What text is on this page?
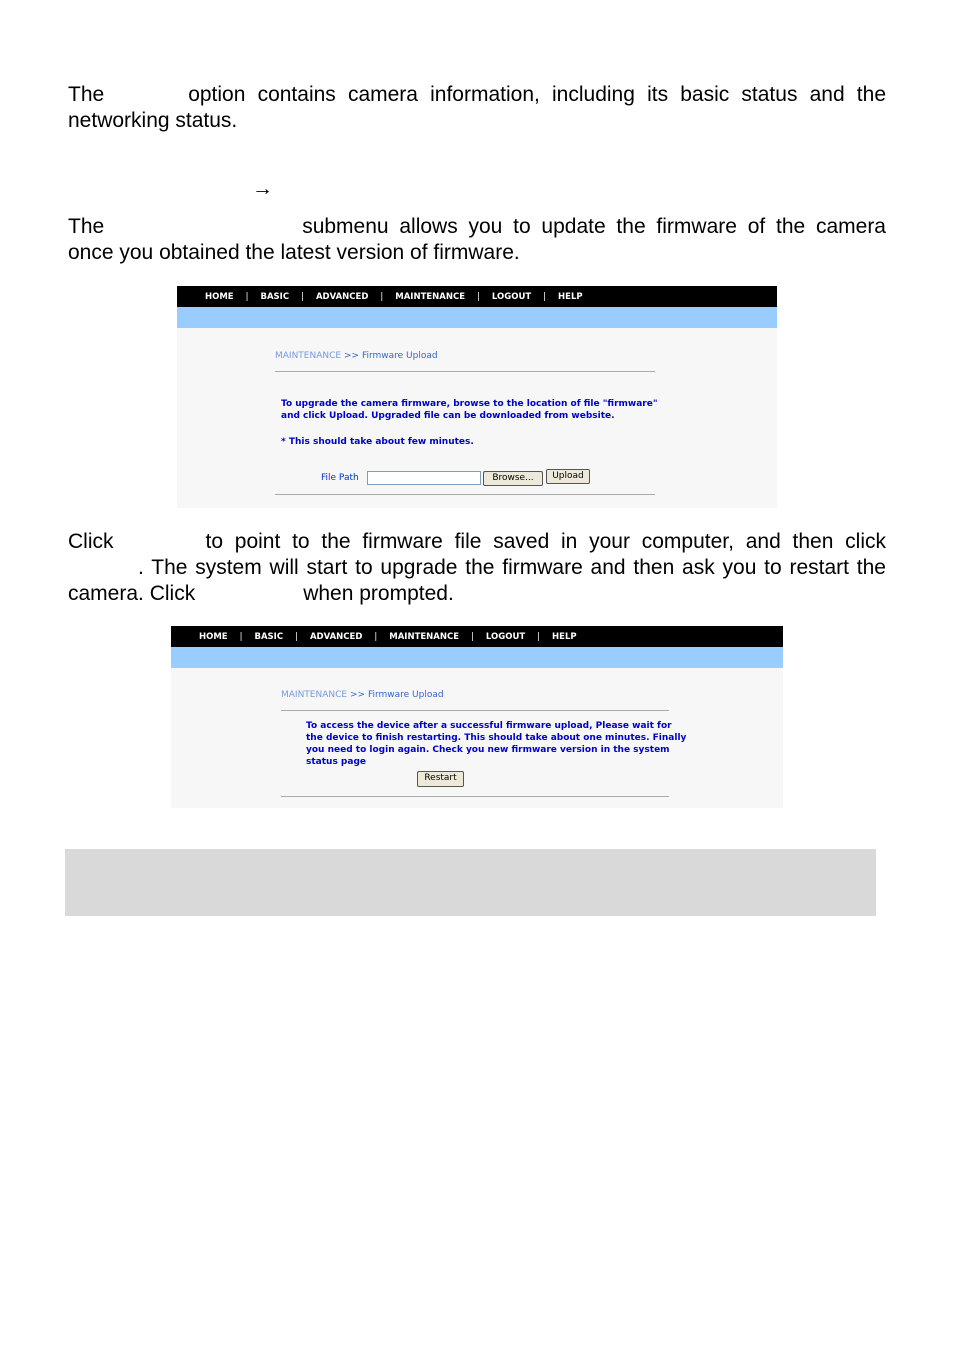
The	option contains camera information, including its basic status and the networking status.

→

The	submenu allows you to update the firmware of the camera once you obtained the latest version of firmware.

HOME | BASIC | ADVANCED | MAINTENANCE | LOGOUT | HELP
MAINTENANCE >> Firmware Upload
To upgrade the camera firmware, browse to the location of file "firmware"
and click Upload. Upgraded file can be downloaded from website.
* This should take about few minutes.
File Path	Browse...	Upload

Click	to point to the firmware file saved in your computer, and then click . The system will start to upgrade the firmware and then ask you to restart the camera. Click	when prompted.

HOME | BASIC | ADVANCED | MAINTENANCE | LOGOUT | HELP
MAINTENANCE >> Firmware Upload
To access the device after a successful firmware upload, Please wait for
the device to finish restarting. This should take about one minutes. Finally
you need to login again. Check you new firmware version in the system
status page
Restart
